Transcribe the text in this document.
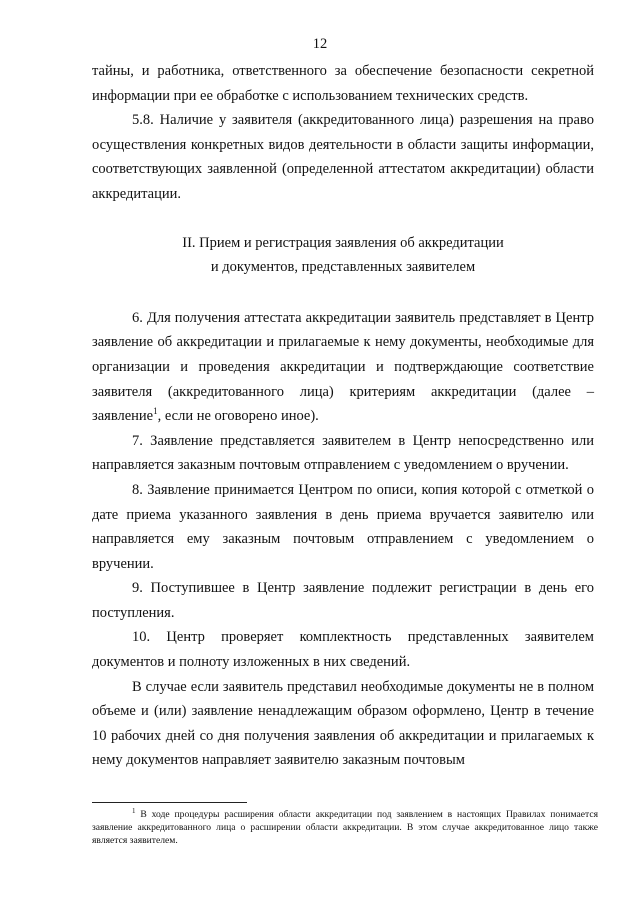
12

тайны, и работника, ответственного за обеспечение безопасности секретной информации при ее обработке с использованием технических средств.

5.8. Наличие у заявителя (аккредитованного лица) разрешения на право осуществления конкретных видов деятельности в области защиты информации, соответствующих заявленной (определенной аттестатом аккредитации) области аккредитации.

II. Прием и регистрация заявления об аккредитации

и документов, представленных заявителем

6. Для получения аттестата аккредитации заявитель представляет в Центр заявление об аккредитации и прилагаемые к нему документы, необходимые для организации и проведения аккредитации и подтверждающие соответствие заявителя (аккредитованного лица) критериям аккредитации (далее – заявление$^1$, если не оговорено иное).

7. Заявление представляется заявителем в Центр непосредственно или направляется заказным почтовым отправлением с уведомлением о вручении.

8. Заявление принимается Центром по описи, копия которой с отметкой о дате приема указанного заявления в день приема вручается заявителю или направляется ему заказным почтовым отправлением с уведомлением о вручении.

9. Поступившее в Центр заявление подлежит регистрации в день его поступления.

10. Центр проверяет комплектность представленных заявителем документов и полноту изложенных в них сведений.

В случае если заявитель представил необходимые документы не в полном объеме и (или) заявление ненадлежащим образом оформлено, Центр в течение 10 рабочих дней со дня получения заявления об аккредитации и прилагаемых к нему документов направляет заявителю заказным почтовым

$^1$ В ходе процедуры расширения области аккредитации под заявлением в настоящих Правилах понимается заявление аккредитованного лица о расширении области аккредитации. В этом случае аккредитованное лицо также является заявителем.
